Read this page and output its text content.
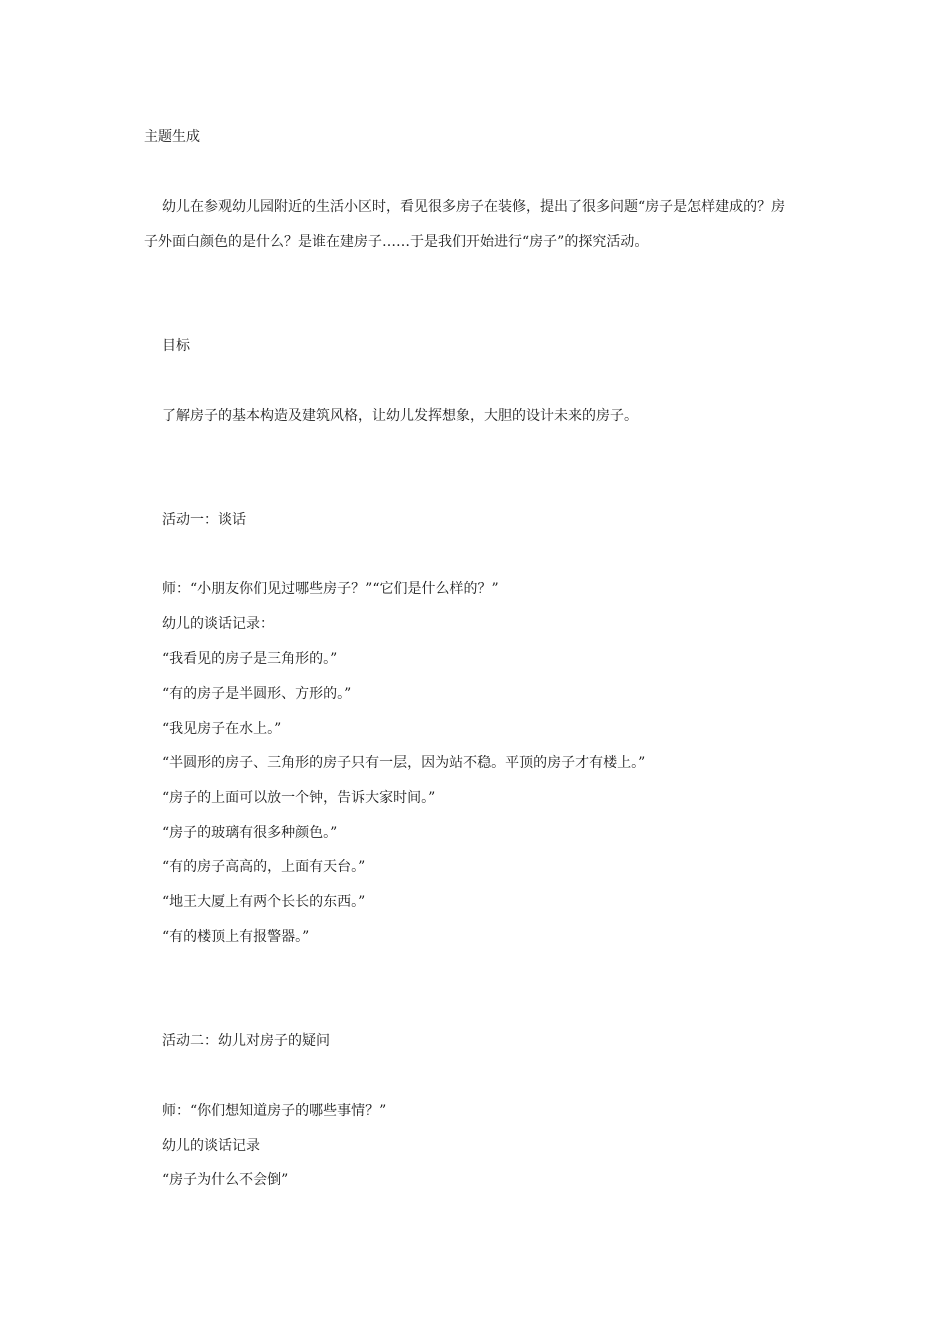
主题生成

幼儿在参观幼儿园附近的生活小区时，看见很多房子在装修，提出了很多问题“房子是怎样建成的？房

子外面白颜色的是什么？是谁在建房子……于是我们开始进行“房子”的探究活动。

目标

了解房子的基本构造及建筑风格，让幼儿发挥想象，大胆的设计未来的房子。

活动一：谈话

师：“小朋友你们见过哪些房子？”“它们是什么样的？”

幼儿的谈话记录：

“我看见的房子是三角形的。”

“有的房子是半圆形、方形的。”

“我见房子在水上。”

“半圆形的房子、三角形的房子只有一层，因为站不稳。平顶的房子才有楼上。”

“房子的上面可以放一个钟，告诉大家时间。”

“房子的玻璃有很多种颜色。”

“有的房子高高的，上面有天台。”

“地王大厦上有两个长长的东西。”

“有的楼顶上有报警器。”

活动二：幼儿对房子的疑问

师：“你们想知道房子的哪些事情？”

幼儿的谈话记录

“房子为什么不会倒”
